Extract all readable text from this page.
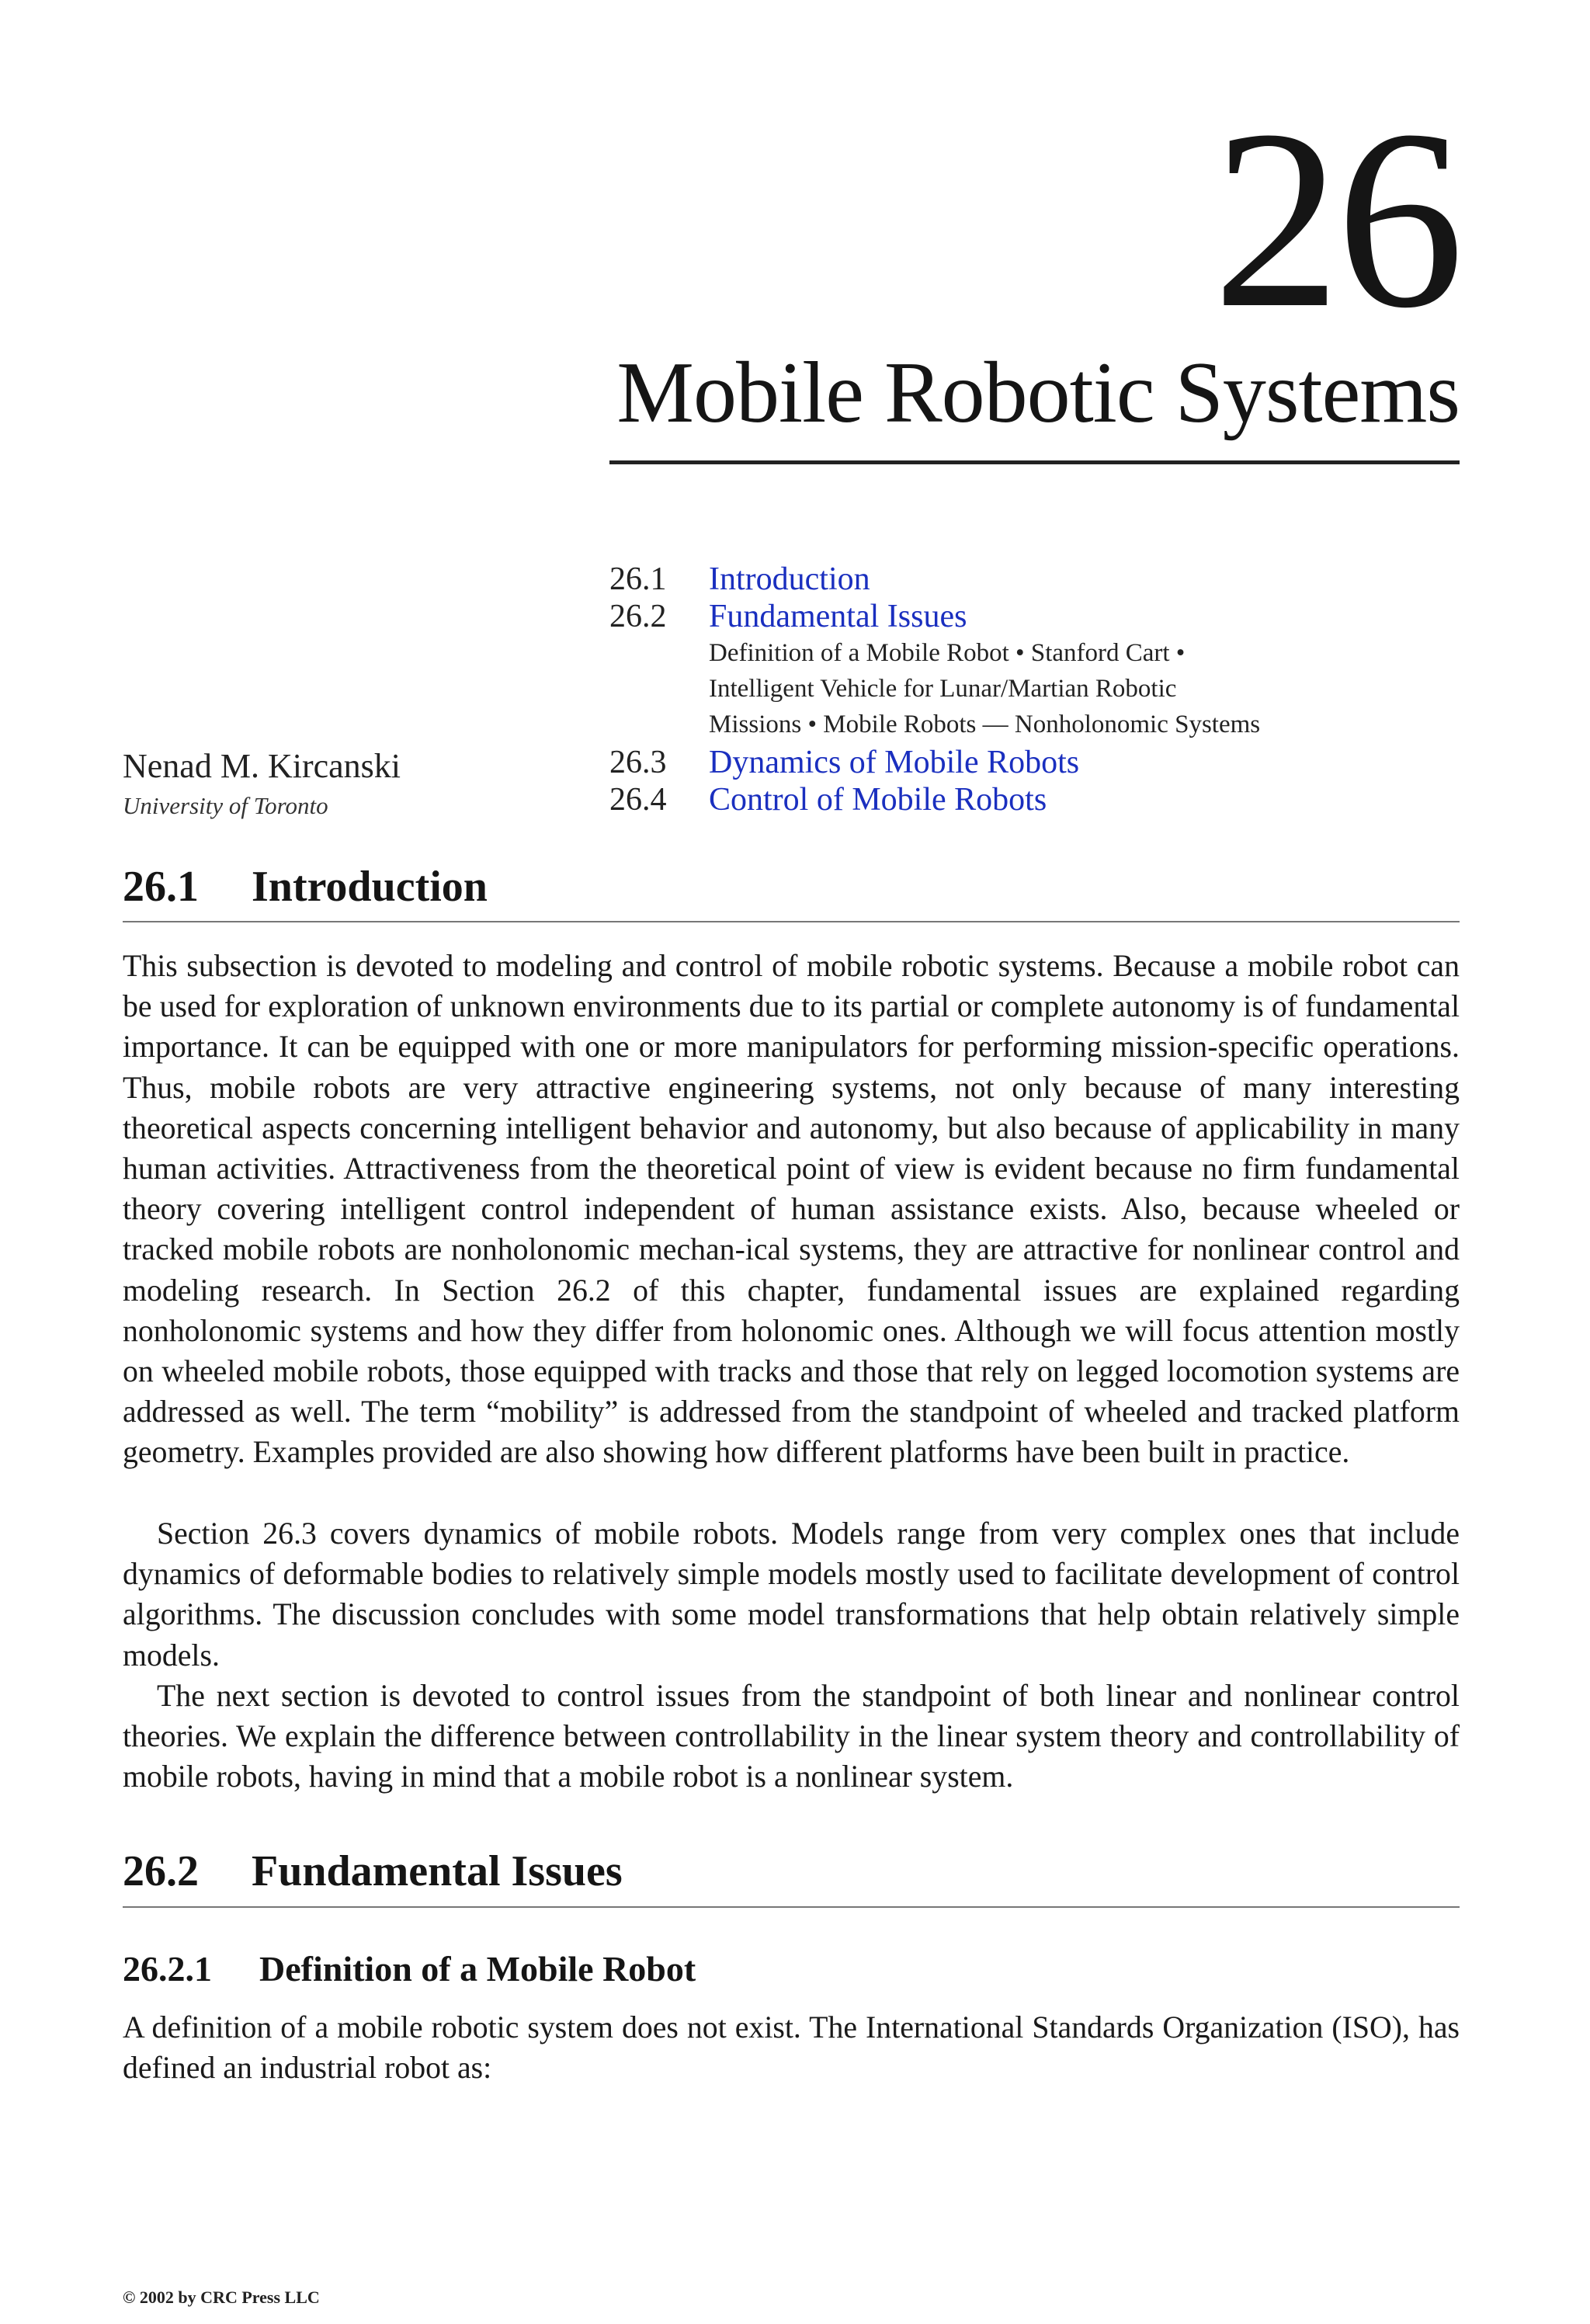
26
Mobile Robotic Systems
26.1	Introduction
26.2	Fundamental Issues
Definition of a Mobile Robot • Stanford Cart •
Intelligent Vehicle for Lunar/Martian Robotic
Missions • Mobile Robots — Nonholonomic Systems
26.3	Dynamics of Mobile Robots
26.4	Control of Mobile Robots
Nenad M. Kircanski
University of Toronto
26.1	Introduction

This subsection is devoted to modeling and control of mobile robotic systems. Because a mobile robot can be used for exploration of unknown environments due to its partial or complete autonomy is of fundamental importance. It can be equipped with one or more manipulators for performing mission-specific operations. Thus, mobile robots are very attractive engineering systems, not only because of many interesting theoretical aspects concerning intelligent behavior and autonomy, but also because of applicability in many human activities. Attractiveness from the theoretical point of view is evident because no firm fundamental theory covering intelligent control independent of human assistance exists. Also, because wheeled or tracked mobile robots are nonholonomic mechan-ical systems, they are attractive for nonlinear control and modeling research. In Section 26.2 of this chapter, fundamental issues are explained regarding nonholonomic systems and how they differ from holonomic ones. Although we will focus attention mostly on wheeled mobile robots, those equipped with tracks and those that rely on legged locomotion systems are addressed as well. The term “mobility” is addressed from the standpoint of wheeled and tracked platform geometry. Examples provided are also showing how different platforms have been built in practice.

Section 26.3 covers dynamics of mobile robots. Models range from very complex ones that include dynamics of deformable bodies to relatively simple models mostly used to facilitate development of control algorithms. The discussion concludes with some model transformations that help obtain relatively simple models.

The next section is devoted to control issues from the standpoint of both linear and nonlinear control theories. We explain the difference between controllability in the linear system theory and controllability of mobile robots, having in mind that a mobile robot is a nonlinear system.

26.2	Fundamental Issues
26.2.1	Definition of a Mobile Robot

A definition of a mobile robotic system does not exist. The International Standards Organization (ISO), has defined an industrial robot as:

© 2002 by CRC Press LLC
